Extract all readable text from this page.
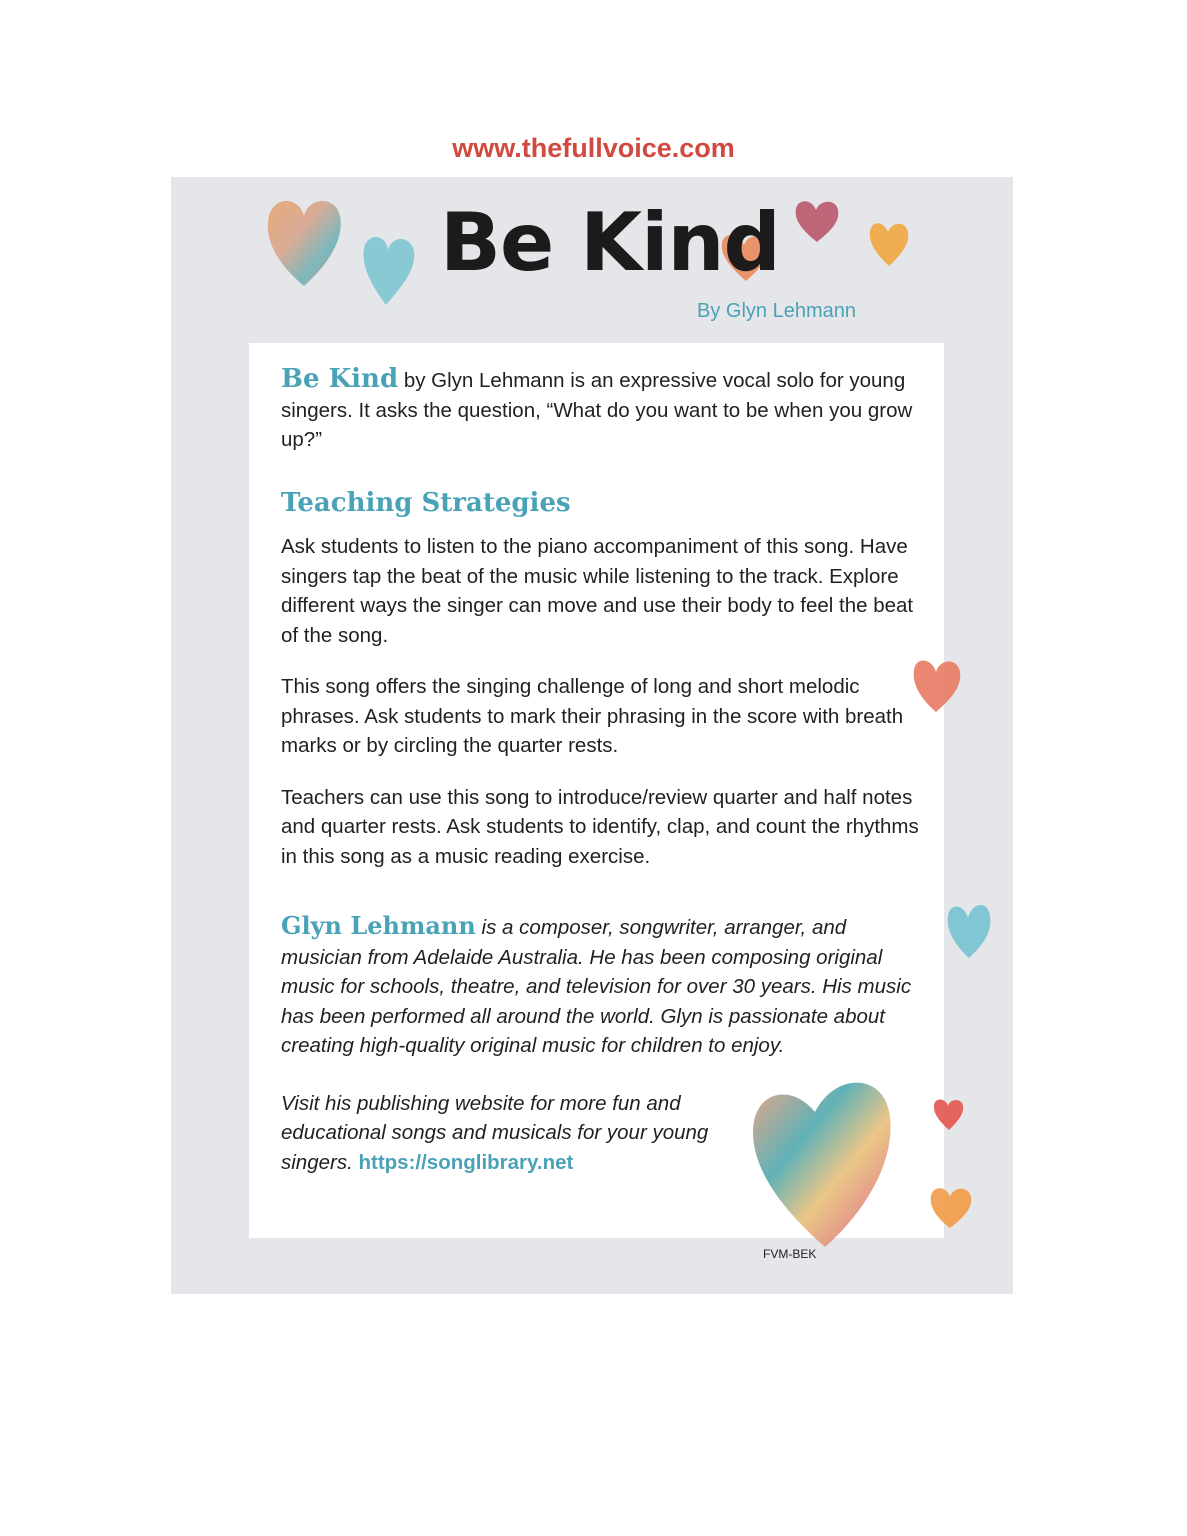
www.thefullvoice.com
Be Kind
By Glyn Lehmann

Be Kind by Glyn Lehmann is an expressive vocal solo for young singers. It asks the question, “What do you want to be when you grow up?”

Teaching Strategies

Ask students to listen to the piano accompaniment of this song. Have singers tap the beat of the music while listening to the track. Explore different ways the singer can move and use their body to feel the beat of the song.

This song offers the singing challenge of long and short melodic phrases. Ask students to mark their phrasing in the score with breath marks or by circling the quarter rests.

Teachers can use this song to introduce/review quarter and half notes and quarter rests. Ask students to identify, clap, and count the rhythms in this song as a music reading exercise.

Glyn Lehmann is a composer, songwriter, arranger, and musician from Adelaide Australia. He has been composing original music for schools, theatre, and television for over 30 years. His music has been performed all around the world. Glyn is passionate about creating high-quality original music for children to enjoy.

Visit his publishing website for more fun and educational songs and musicals for your young singers. https://songlibrary.net

FVM-BEK
